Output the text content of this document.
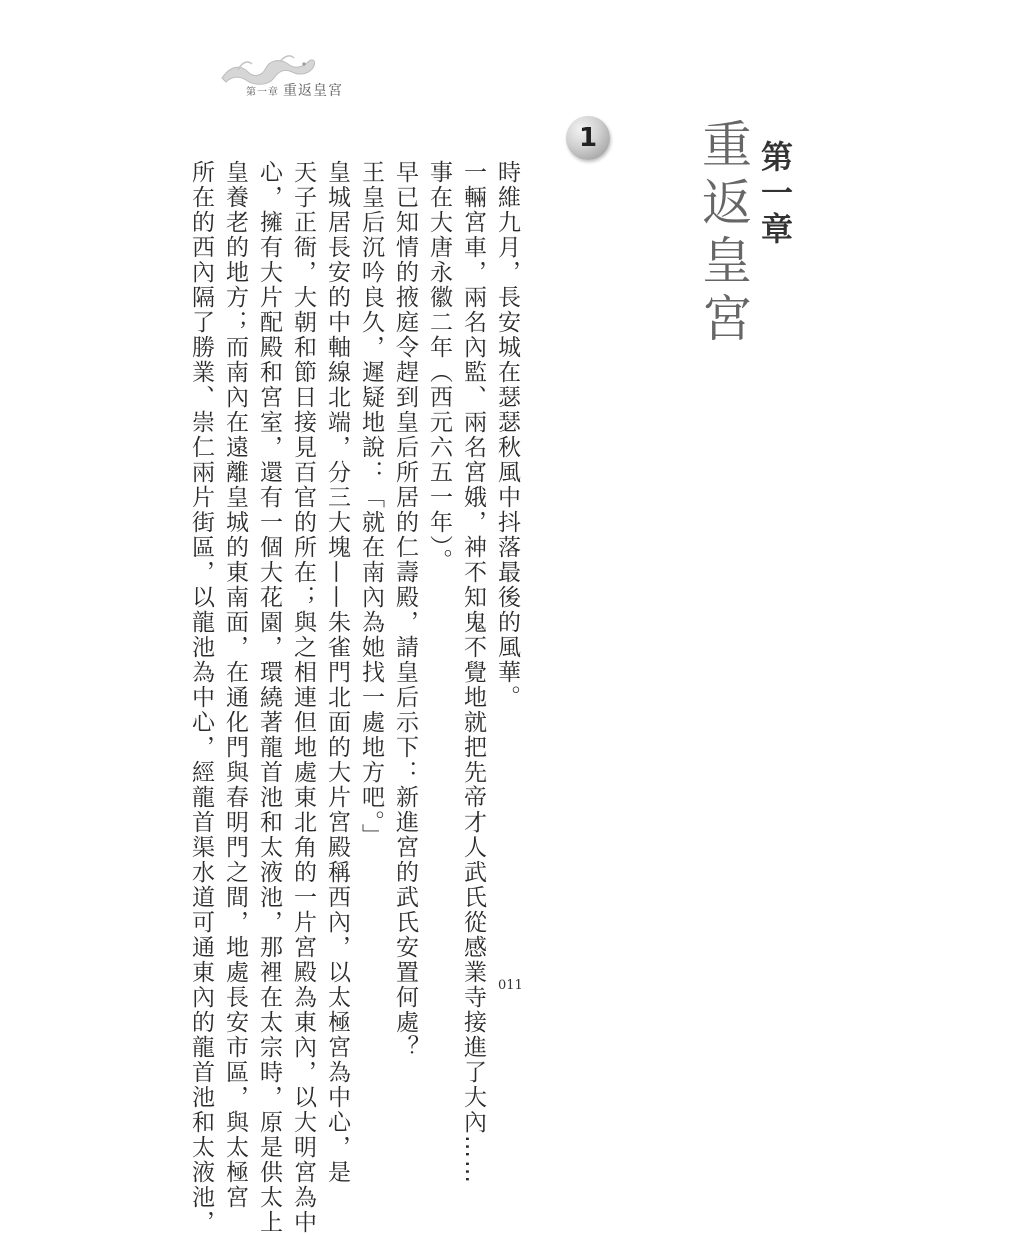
第一章 重返皇宮
第一章
重返皇宮
1

時維九月，長安城在瑟瑟秋風中抖落最後的風華。

一輛宮車，兩名內監、兩名宮娥，神不知鬼不覺地就把先帝才人武氏從感業寺接進了大內……

事在大唐永徽二年（西元六五一年）。

早已知情的掖庭令趕到皇后所居的仁壽殿，請皇后示下：新進宮的武氏安置何處？

王皇后沉吟良久，遲疑地說：「就在南內為她找一處地方吧。」

皇城居長安的中軸線北端，分三大塊——朱雀門北面的大片宮殿稱西內，以太極宮為中心，是

天子正衙，大朝和節日接見百官的所在；與之相連但地處東北角的一片宮殿為東內，以大明宮為中

心，擁有大片配殿和宮室，還有一個大花園，環繞著龍首池和太液池，那裡在太宗時，原是供太上

皇養老的地方；而南內在遠離皇城的東南面，在通化門與春明門之間，地處長安市區，與太極宮

所在的西內隔了勝業、崇仁兩片街區，以龍池為中心，經龍首渠水道可通東內的龍首池和太液池，	011
